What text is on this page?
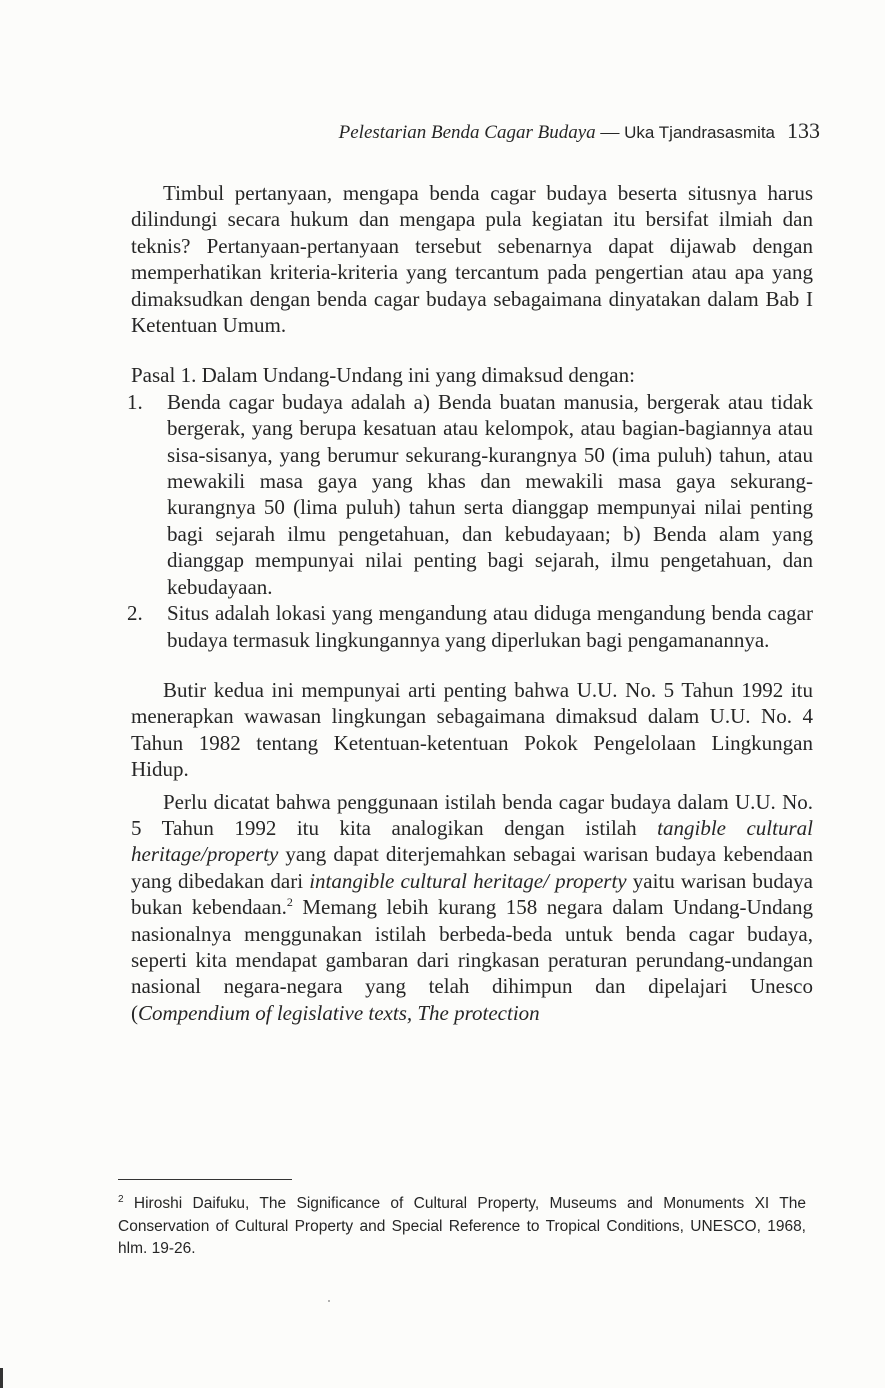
Pelestarian Benda Cagar Budaya — Uka Tjandrasasmita 133

Timbul pertanyaan, mengapa benda cagar budaya beserta situsnya harus dilindungi secara hukum dan mengapa pula kegiatan itu bersifat ilmiah dan teknis? Pertanyaan-pertanyaan tersebut sebenarnya dapat dijawab dengan memperhatikan kriteria-kriteria yang tercantum pada pengertian atau apa yang dimaksudkan dengan benda cagar budaya sebagaimana dinyatakan dalam Bab I Ketentuan Umum.

Pasal 1. Dalam Undang-Undang ini yang dimaksud dengan:

1. Benda cagar budaya adalah a) Benda buatan manusia, bergerak atau tidak bergerak, yang berupa kesatuan atau kelompok, atau bagian-bagiannya atau sisa-sisanya, yang berumur sekurang-kurangnya 50 (ima puluh) tahun, atau mewakili masa gaya yang khas dan mewakili masa gaya sekurang-kurangnya 50 (lima puluh) tahun serta dianggap mempunyai nilai penting bagi sejarah ilmu pengetahuan, dan kebudayaan; b) Benda alam yang dianggap mempunyai nilai penting bagi sejarah, ilmu pengetahuan, dan kebudayaan.
2. Situs adalah lokasi yang mengandung atau diduga mengandung benda cagar budaya termasuk lingkungannya yang diperlukan bagi pengamanannya.

Butir kedua ini mempunyai arti penting bahwa U.U. No. 5 Tahun 1992 itu menerapkan wawasan lingkungan sebagaimana dimaksud dalam U.U. No. 4 Tahun 1982 tentang Ketentuan-ketentuan Pokok Pengelolaan Lingkungan Hidup.

Perlu dicatat bahwa penggunaan istilah benda cagar budaya dalam U.U. No. 5 Tahun 1992 itu kita analogikan dengan istilah tangible cultural heritage/property yang dapat diterjemahkan sebagai warisan budaya kebendaan yang dibedakan dari intangible cultural heritage/ property yaitu warisan budaya bukan kebendaan.$^2$ Memang lebih kurang 158 negara dalam Undang-Undang nasionalnya menggunakan istilah berbeda-beda untuk benda cagar budaya, seperti kita mendapat gambaran dari ringkasan peraturan perundang-undangan nasional negara-negara yang telah dihimpun dan dipelajari Unesco (Compendium of legislative texts, The protection

$^2$ Hiroshi Daifuku, The Significance of Cultural Property, Museums and Monuments XI The Conservation of Cultural Property and Special Reference to Tropical Conditions, UNESCO, 1968, hlm. 19-26.
